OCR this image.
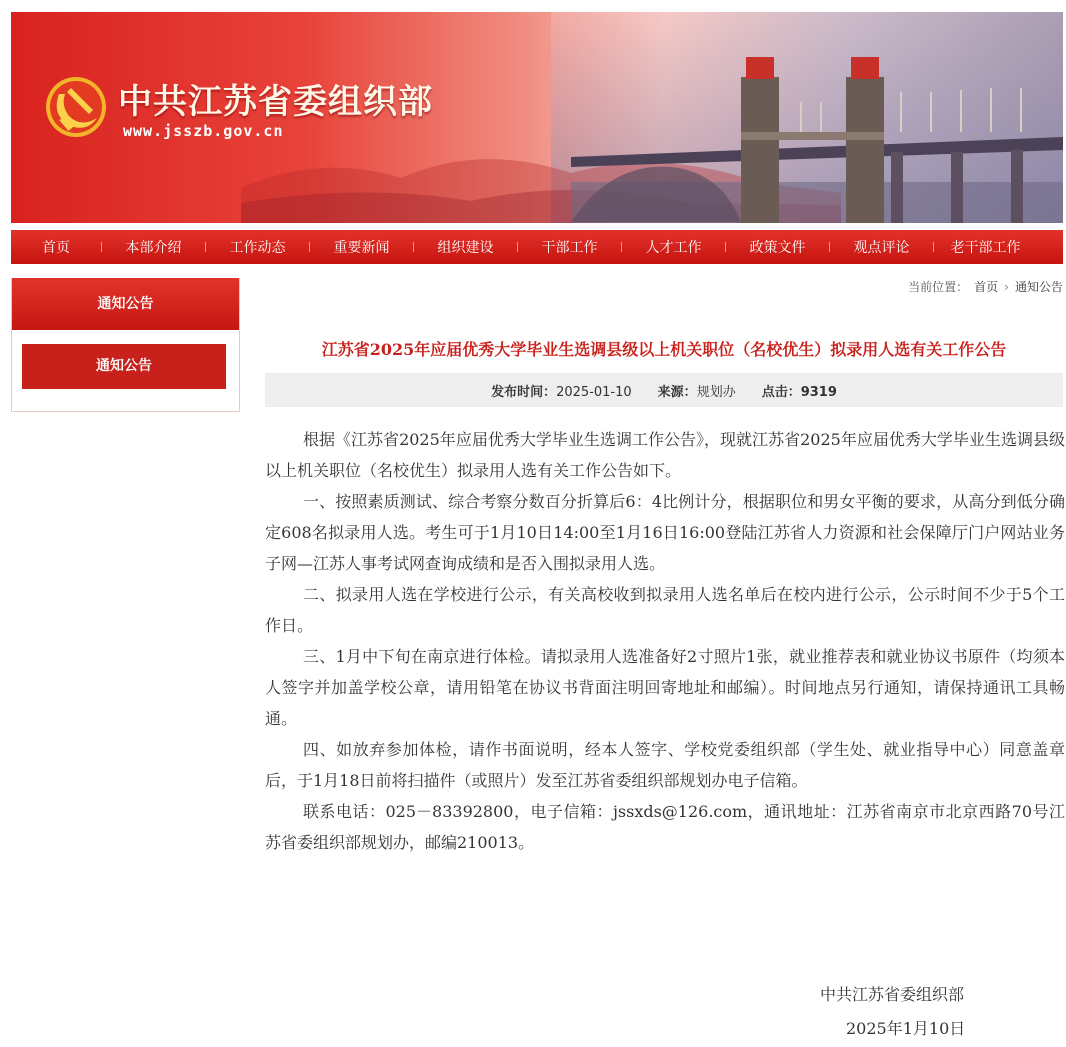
中共江苏省委组织部
www.jsszb.gov.cn
首页	本部介绍	工作动态	重要新闻	组织建设	干部工作	人才工作	政策文件	观点评论	老干部工作
通知公告
通知公告
当前位置： 首页 › 通知公告
江苏省2025年应届优秀大学毕业生选调县级以上机关职位（名校优生）拟录用人选有关工作公告
发布时间：2025-01-10 来源：规划办 点击：9319

根据《江苏省2025年应届优秀大学毕业生选调工作公告》，现就江苏省2025年应届优秀大学毕业生选调县级以上机关职位（名校优生）拟录用人选有关工作公告如下。

一、按照素质测试、综合考察分数百分折算后6：4比例计分，根据职位和男女平衡的要求，从高分到低分确定608名拟录用人选。考生可于1月10日14:00至1月16日16:00登陆江苏省人力资源和社会保障厅门户网站业务子网—江苏人事考试网查询成绩和是否入围拟录用人选。

二、拟录用人选在学校进行公示，有关高校收到拟录用人选名单后在校内进行公示，公示时间不少于5个工作日。

三、1月中下旬在南京进行体检。请拟录用人选准备好2寸照片1张，就业推荐表和就业协议书原件（均须本人签字并加盖学校公章，请用铅笔在协议书背面注明回寄地址和邮编）。时间地点另行通知，请保持通讯工具畅通。

四、如放弃参加体检，请作书面说明，经本人签字、学校党委组织部（学生处、就业指导中心）同意盖章后，于1月18日前将扫描件（或照片）发至江苏省委组织部规划办电子信箱。

联系电话：025－83392800，电子信箱：jssxds@126.com，通讯地址：江苏省南京市北京西路70号江苏省委组织部规划办，邮编210013。

中共江苏省委组织部
2025年1月10日
